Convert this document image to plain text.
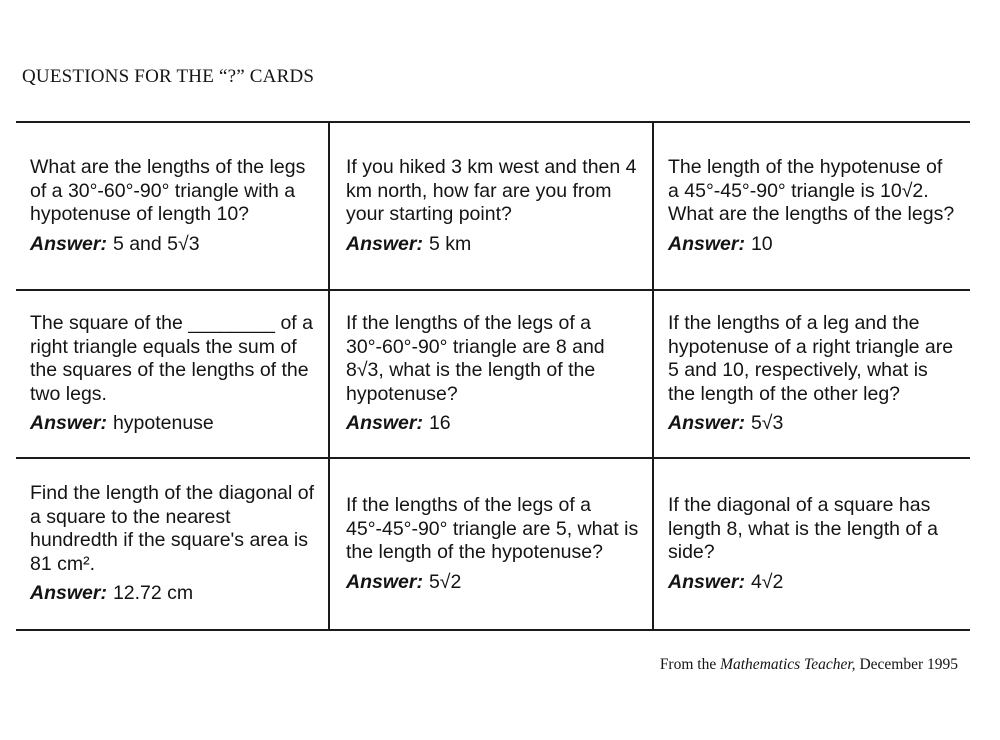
QUESTIONS FOR THE “?” CARDS
What are the lengths of the legs of a 30°-60°-90° triangle with a hypotenuse of length 10?
Answer: 5 and 5√3
If you hiked 3 km west and then 4 km north, how far are you from your starting point?
Answer: 5 km
The length of the hypotenuse of a 45°-45°-90° triangle is 10√2. What are the lengths of the legs?
Answer: 10
The square of the ________ of a right triangle equals the sum of the squares of the lengths of the two legs.
Answer: hypotenuse
If the lengths of the legs of a 30°-60°-90° triangle are 8 and 8√3, what is the length of the hypotenuse?
Answer: 16
If the lengths of a leg and the hypotenuse of a right triangle are 5 and 10, respectively, what is the length of the other leg?
Answer: 5√3
Find the length of the diagonal of a square to the nearest hundredth if the square's area is 81 cm².
Answer: 12.72 cm
If the lengths of the legs of a 45°-45°-90° triangle are 5, what is the length of the hypotenuse?
Answer: 5√2
If the diagonal of a square has length 8, what is the length of a side?
Answer: 4√2
From the Mathematics Teacher, December 1995
